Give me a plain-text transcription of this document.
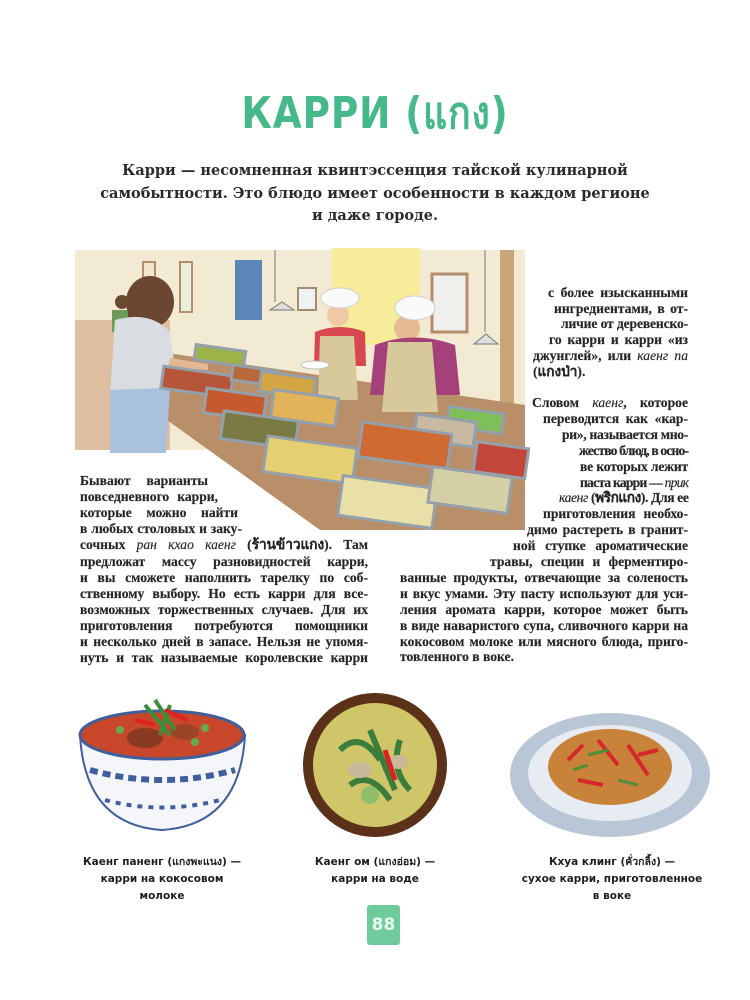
КАРРИ (แกง)
Карри — несомненная квинтэссенция тайской кулинарной
самобытности. Это блюдо имеет особенности в каждом регионе
и даже городе.
Каенг паненг (แกงพะแนง) —
карри на кокосовом
молоке
Каенг ом (แกงอ่อม) —
карри на воде
Кхуа клинг (คั่วกลิ้ง) —
сухое карри, приготовленное
в воке
88
Бывают варианты
повседневного карри,
которые можно найти
в любых столовых и заку-
сочных ран кхао каенг (ร้านข้าวแกง). Там
предложат массу разновидностей карри,
и вы сможете наполнить тарелку по соб-
ственному выбору. Но есть карри для все-
возможных торжественных случаев. Для их
приготовления потребуются помощники
и несколько дней в запасе. Нельзя не упомя-
нуть и так называемые королевские карри
с более изысканными
ингредиентами, в от-
личие от деревенско-
го карри и карри «из
джунглей», или каенг па
(แกงป่า).
Словом каенг, которое
переводится как «кар-
ри», называется мно-
жество блюд, в осно-
ве которых лежит
паста карри — прик
каенг (พริกแกง). Для ее
приготовления необхо-
димо растереть в гранит-
ной ступке ароматические
травы, специи и ферментиро-
ванные продукты, отвечающие за соленость
и вкус умами. Эту пасту используют для уси-
ления аромата карри, которое может быть
в виде наваристого супа, сливочного карри на
кокосовом молоке или мясного блюда, приго-
товленного в воке.
